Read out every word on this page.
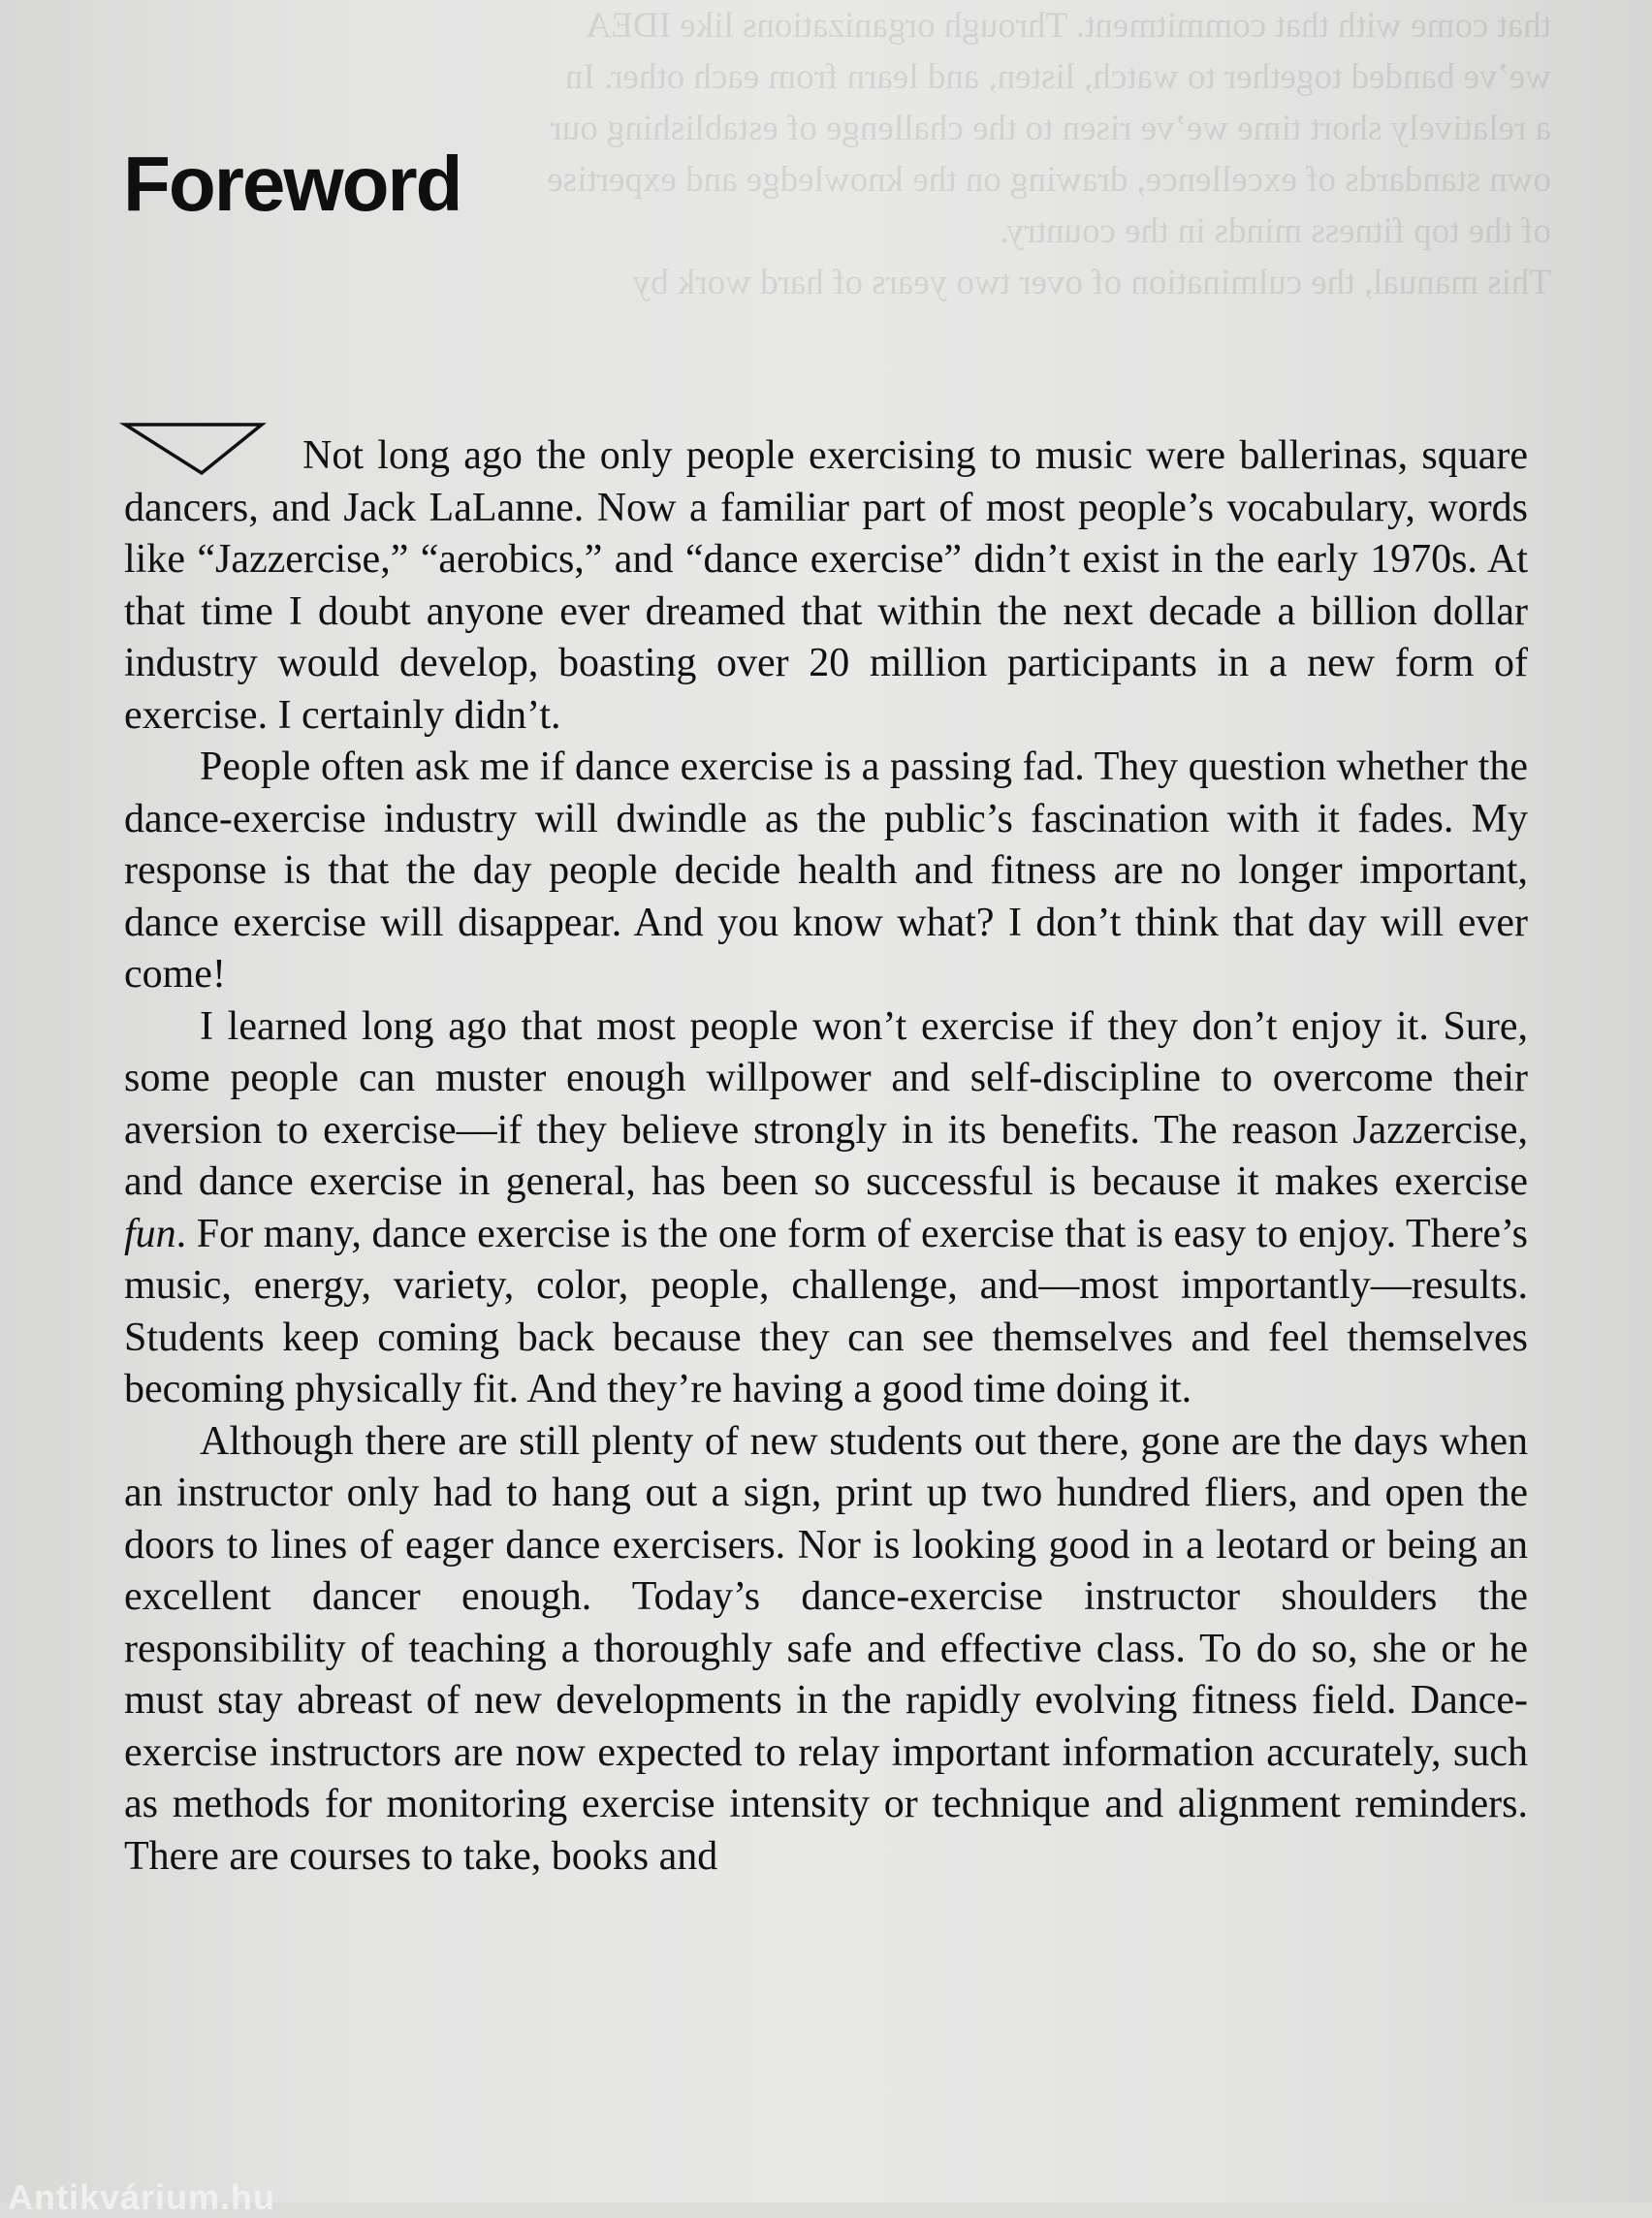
that come with that commitment. Through organizations like IDEA
we’ve banded together to watch, listen, and learn from each other. In
a relatively short time we’ve risen to the challenge of establishing our
own standards of excellence, drawing on the knowledge and expertise
of the top fitness minds in the country.
This manual, the culmination of over two years of hard work by
Foreword

Not long ago the only people exercising to music were ballerinas, square dancers, and Jack LaLanne. Now a familiar part of most people’s vocabulary, words like “Jazzercise,” “aerobics,” and “dance exercise” didn’t exist in the early 1970s. At that time I doubt anyone ever dreamed that within the next decade a billion dollar industry would develop, boasting over 20 million participants in a new form of exercise. I certainly didn’t.

People often ask me if dance exercise is a passing fad. They question whether the dance-exercise industry will dwindle as the public’s fascination with it fades. My response is that the day people decide health and fitness are no longer important, dance exercise will disappear. And you know what? I don’t think that day will ever come!

I learned long ago that most people won’t exercise if they don’t enjoy it. Sure, some people can muster enough willpower and self-discipline to overcome their aversion to exercise—if they believe strongly in its benefits. The reason Jazzercise, and dance exercise in general, has been so successful is because it makes exercise fun. For many, dance exercise is the one form of exercise that is easy to enjoy. There’s music, energy, variety, color, people, challenge, and—most importantly—results. Students keep coming back because they can see themselves and feel themselves becoming physically fit. And they’re having a good time doing it.

Although there are still plenty of new students out there, gone are the days when an instructor only had to hang out a sign, print up two hundred fliers, and open the doors to lines of eager dance exercisers. Nor is looking good in a leotard or being an excellent dancer enough. Today’s dance-exercise instructor shoulders the responsibility of teaching a thoroughly safe and effective class. To do so, she or he must stay abreast of new developments in the rapidly evolving fitness field. Dance-exercise instructors are now expected to relay important information accurately, such as methods for monitoring exercise intensity or technique and alignment reminders. There are courses to take, books and

Antikvárium.hu
